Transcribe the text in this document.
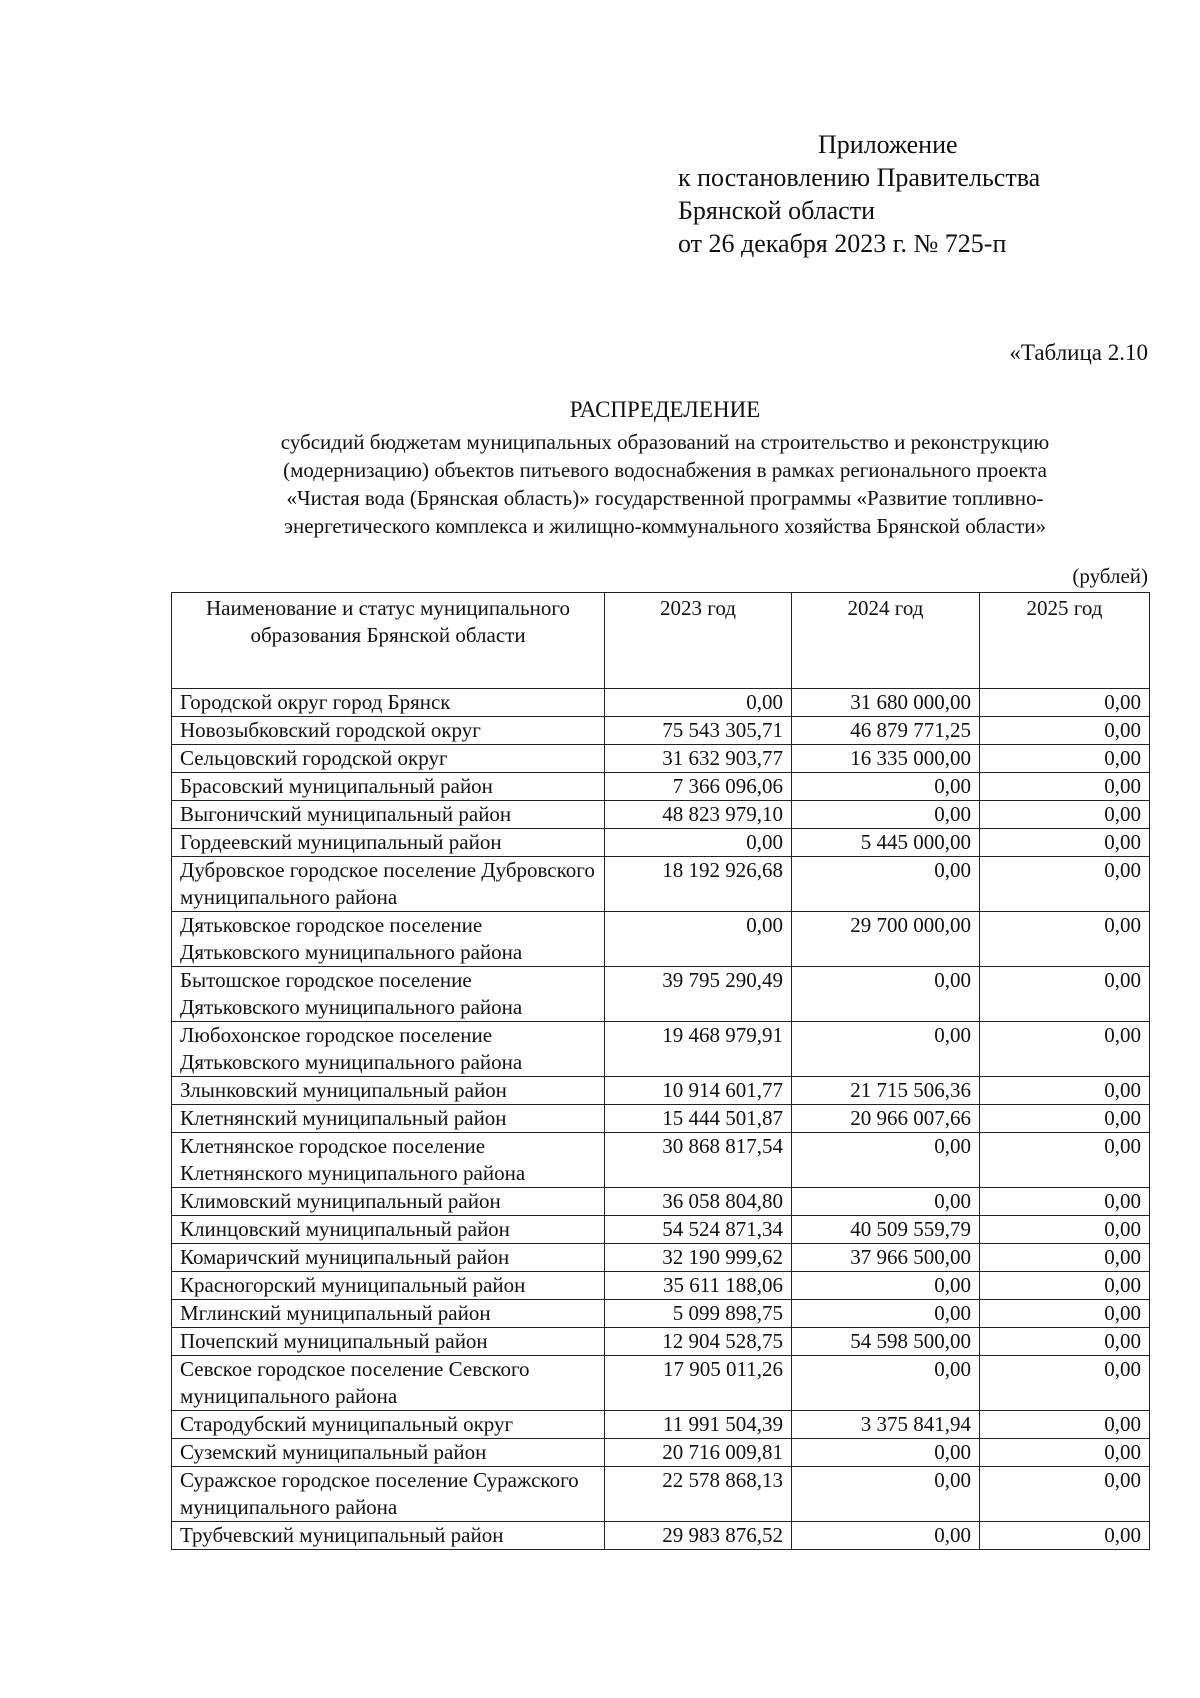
Приложение
к постановлению Правительства
Брянской области
от 26 декабря 2023 г. № 725-п
«Таблица 2.10
РАСПРЕДЕЛЕНИЕ
субсидий бюджетам муниципальных образований на строительство и реконструкцию
(модернизацию) объектов питьевого водоснабжения в рамках регионального проекта
«Чистая вода (Брянская область)» государственной программы «Развитие топливно-
энергетического комплекса и жилищно-коммунального хозяйства Брянской области»
(рублей)
Наименование и статус муниципального образования Брянской области	2023 год	2024 год	2025 год
Городской округ город Брянск	0,00	31 680 000,00	0,00
Новозыбковский городской округ	75 543 305,71	46 879 771,25	0,00
Сельцовский городской округ	31 632 903,77	16 335 000,00	0,00
Брасовский муниципальный район	7 366 096,06	0,00	0,00
Выгоничский муниципальный район	48 823 979,10	0,00	0,00
Гордеевский муниципальный район	0,00	5 445 000,00	0,00
Дубровское городское поселение Дубровского муниципального района	18 192 926,68	0,00	0,00
Дятьковское городское поселение Дятьковского муниципального района	0,00	29 700 000,00	0,00
Бытошское городское поселение Дятьковского муниципального района	39 795 290,49	0,00	0,00
Любохонское городское поселение Дятьковского муниципального района	19 468 979,91	0,00	0,00
Злынковский муниципальный район	10 914 601,77	21 715 506,36	0,00
Клетнянский муниципальный район	15 444 501,87	20 966 007,66	0,00
Клетнянское городское поселение Клетнянского муниципального района	30 868 817,54	0,00	0,00
Климовский муниципальный район	36 058 804,80	0,00	0,00
Клинцовский муниципальный район	54 524 871,34	40 509 559,79	0,00
Комаричский муниципальный район	32 190 999,62	37 966 500,00	0,00
Красногорский муниципальный район	35 611 188,06	0,00	0,00
Мглинский муниципальный район	5 099 898,75	0,00	0,00
Почепский муниципальный район	12 904 528,75	54 598 500,00	0,00
Севское городское поселение Севского муниципального района	17 905 011,26	0,00	0,00
Стародубский муниципальный округ	11 991 504,39	3 375 841,94	0,00
Суземский муниципальный район	20 716 009,81	0,00	0,00
Суражское городское поселение Суражского муниципального района	22 578 868,13	0,00	0,00
Трубчевский муниципальный район	29 983 876,52	0,00	0,00
